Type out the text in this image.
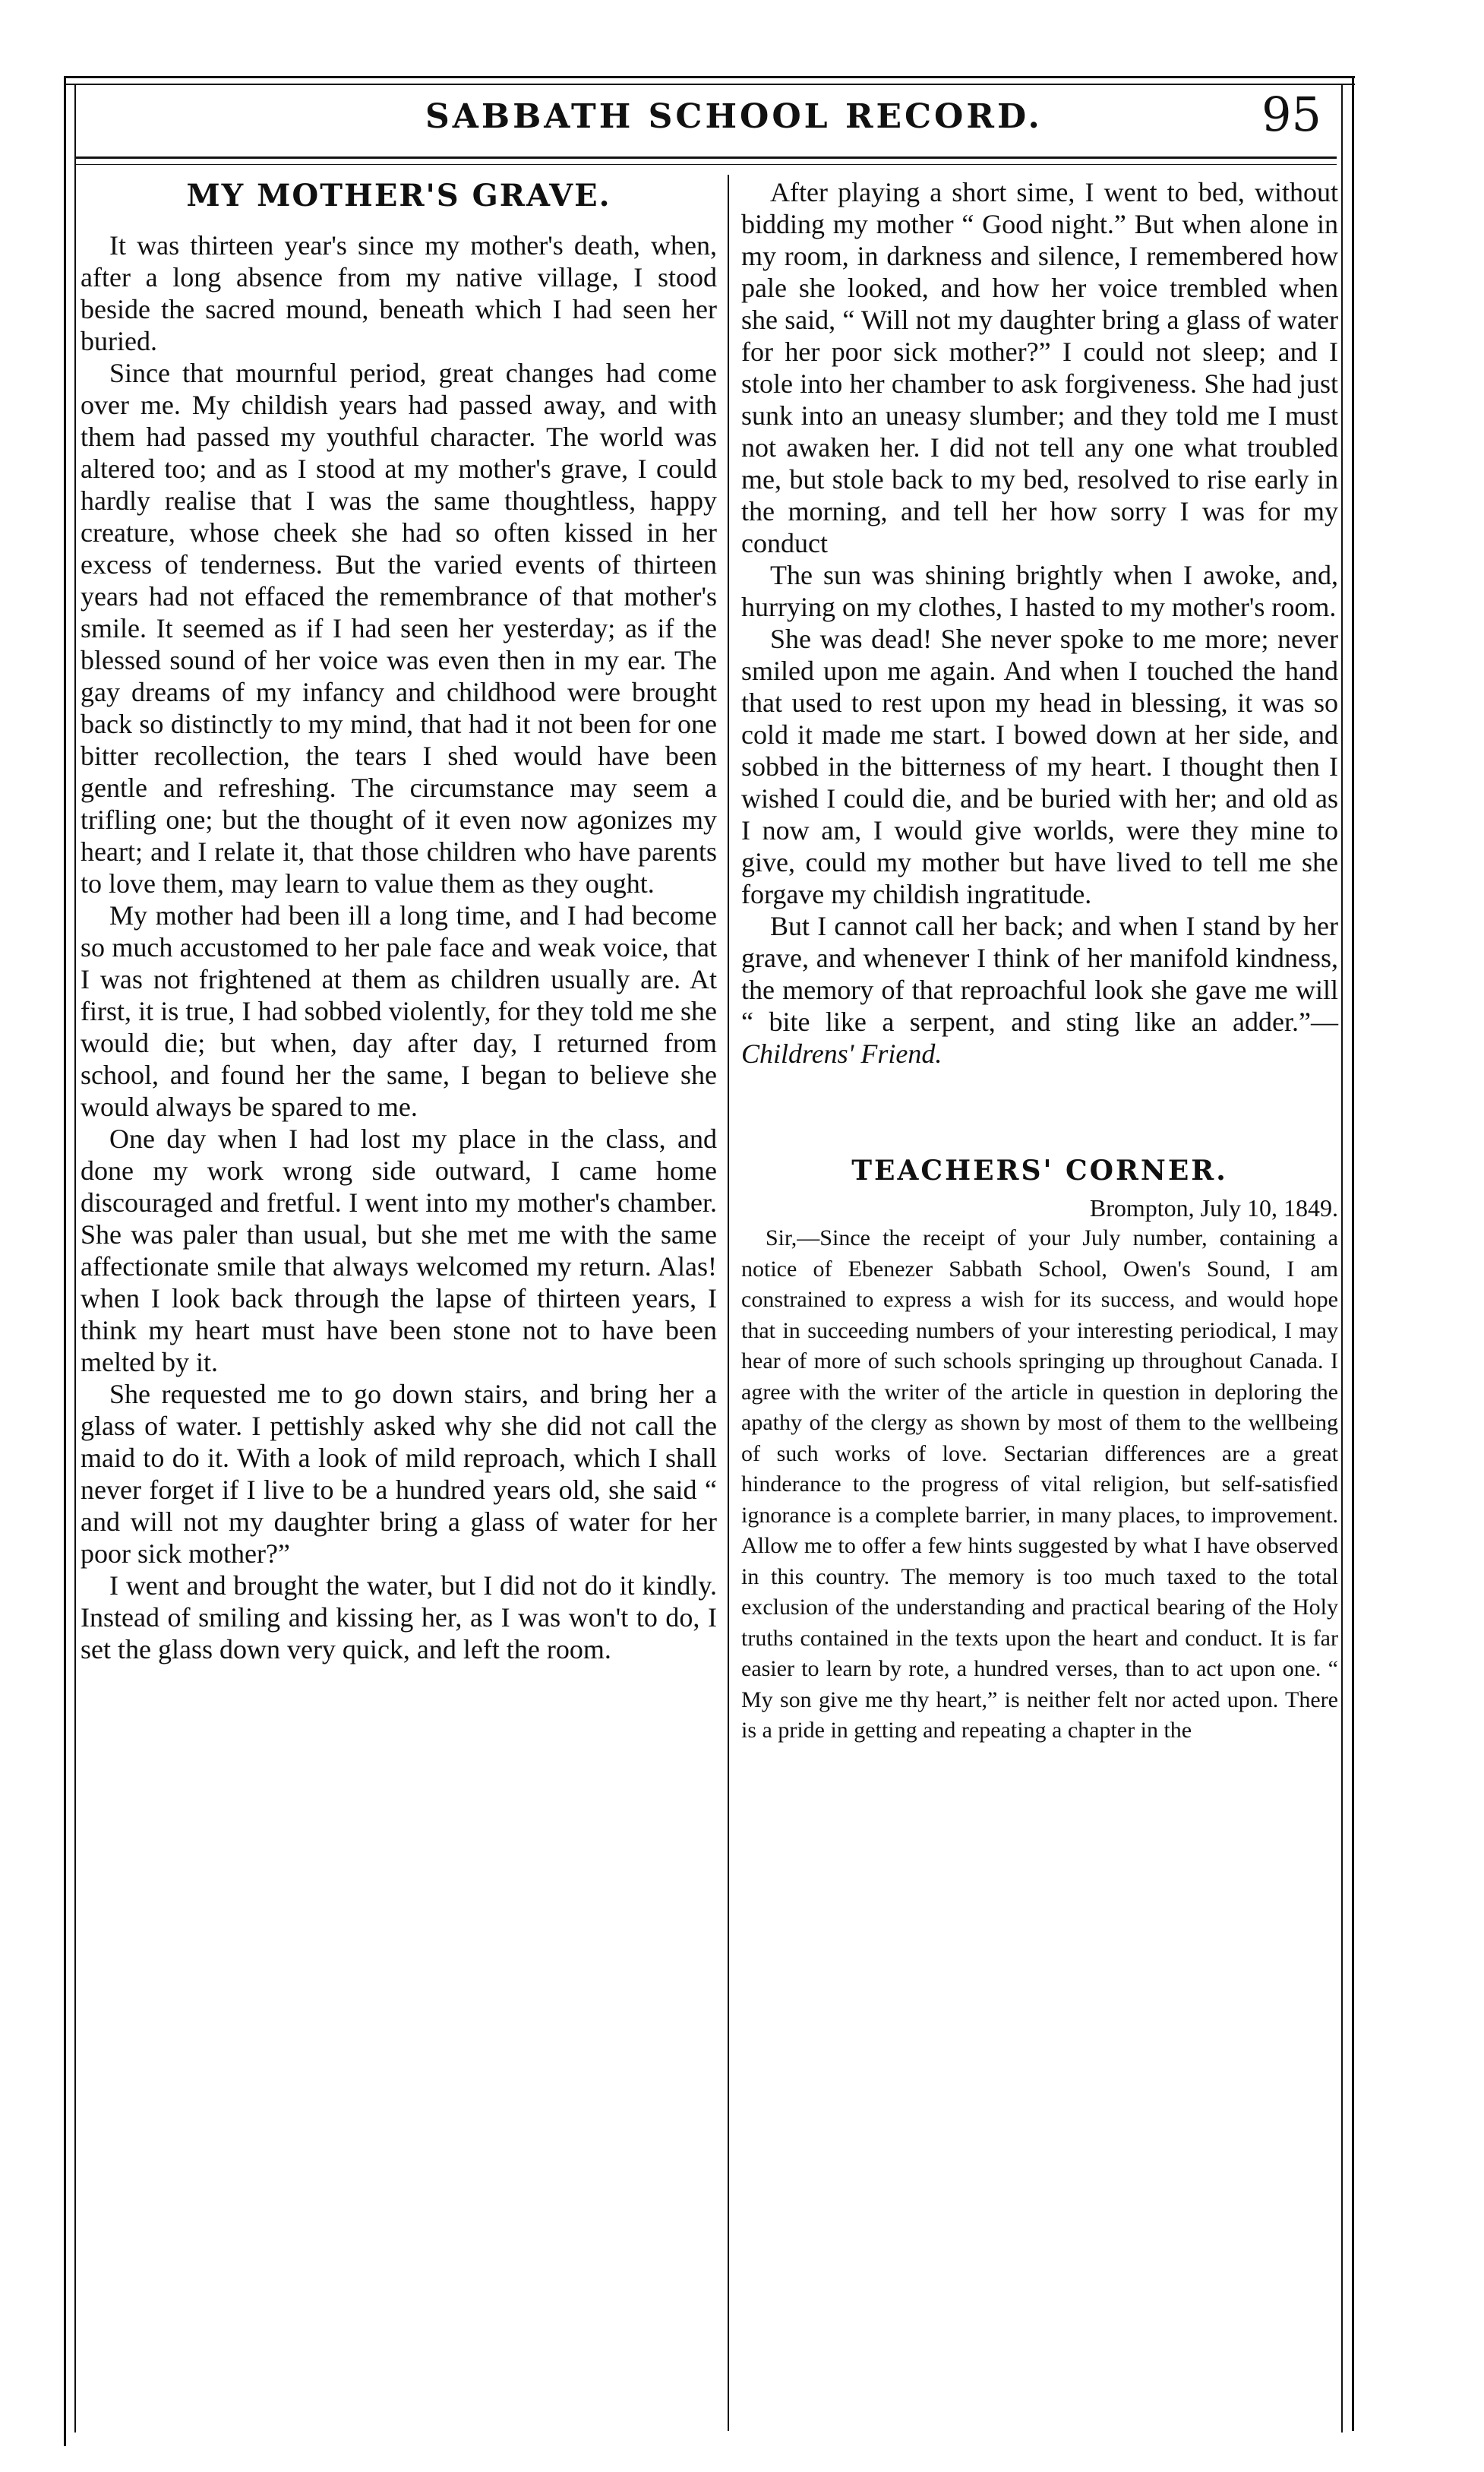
SABBATH SCHOOL RECORD.	95
MY MOTHER'S GRAVE.

It was thirteen year's since my mother's death, when, after a long absence from my native village, I stood beside the sacred mound, beneath which I had seen her buried.

Since that mournful period, great changes had come over me. My childish years had passed away, and with them had passed my youthful character. The world was altered too; and as I stood at my mother's grave, I could hardly realise that I was the same thoughtless, happy creature, whose cheek she had so often kissed in her excess of tenderness. But the varied events of thirteen years had not effaced the remembrance of that mother's smile. It seemed as if I had seen her yesterday; as if the blessed sound of her voice was even then in my ear. The gay dreams of my infancy and childhood were brought back so distinctly to my mind, that had it not been for one bitter recollection, the tears I shed would have been gentle and refreshing. The circumstance may seem a trifling one; but the thought of it even now agonizes my heart; and I relate it, that those children who have parents to love them, may learn to value them as they ought.

My mother had been ill a long time, and I had become so much accustomed to her pale face and weak voice, that I was not frightened at them as children usually are. At first, it is true, I had sobbed violently, for they told me she would die; but when, day after day, I returned from school, and found her the same, I began to believe she would always be spared to me.

One day when I had lost my place in the class, and done my work wrong side outward, I came home discouraged and fretful. I went into my mother's chamber. She was paler than usual, but she met me with the same affectionate smile that always welcomed my return. Alas! when I look back through the lapse of thirteen years, I think my heart must have been stone not to have been melted by it.

She requested me to go down stairs, and bring her a glass of water. I pettishly asked why she did not call the maid to do it. With a look of mild reproach, which I shall never forget if I live to be a hundred years old, she said “ and will not my daughter bring a glass of water for her poor sick mother?”

I went and brought the water, but I did not do it kindly. Instead of smiling and kissing her, as I was won't to do, I set the glass down very quick, and left the room.

After playing a short sime, I went to bed, without bidding my mother “ Good night.” But when alone in my room, in darkness and silence, I remembered how pale she looked, and how her voice trembled when she said, “ Will not my daughter bring a glass of water for her poor sick mother?” I could not sleep; and I stole into her chamber to ask forgiveness. She had just sunk into an uneasy slumber; and they told me I must not awaken her. I did not tell any one what troubled me, but stole back to my bed, resolved to rise early in the morning, and tell her how sorry I was for my conduct

The sun was shining brightly when I awoke, and, hurrying on my clothes, I hasted to my mother's room.

She was dead! She never spoke to me more; never smiled upon me again. And when I touched the hand that used to rest upon my head in blessing, it was so cold it made me start. I bowed down at her side, and sobbed in the bitterness of my heart. I thought then I wished I could die, and be buried with her; and old as I now am, I would give worlds, were they mine to give, could my mother but have lived to tell me she forgave my childish ingratitude.

But I cannot call her back; and when I stand by her grave, and whenever I think of her manifold kindness, the memory of that reproachful look she gave me will “ bite like a serpent, and sting like an adder.”—Childrens' Friend.

TEACHERS' CORNER.

Brompton, July 10, 1849.

Sir,—Since the receipt of your July number, containing a notice of Ebenezer Sabbath School, Owen's Sound, I am constrained to express a wish for its success, and would hope that in succeeding numbers of your interesting periodical, I may hear of more of such schools springing up throughout Canada. I agree with the writer of the article in question in deploring the apathy of the clergy as shown by most of them to the wellbeing of such works of love. Sectarian differences are a great hinderance to the progress of vital religion, but self-satisfied ignorance is a complete barrier, in many places, to improvement. Allow me to offer a few hints suggested by what I have observed in this country. The memory is too much taxed to the total exclusion of the understanding and practical bearing of the Holy truths contained in the texts upon the heart and conduct. It is far easier to learn by rote, a hundred verses, than to act upon one. “ My son give me thy heart,” is neither felt nor acted upon. There is a pride in getting and repeating a chapter in the
